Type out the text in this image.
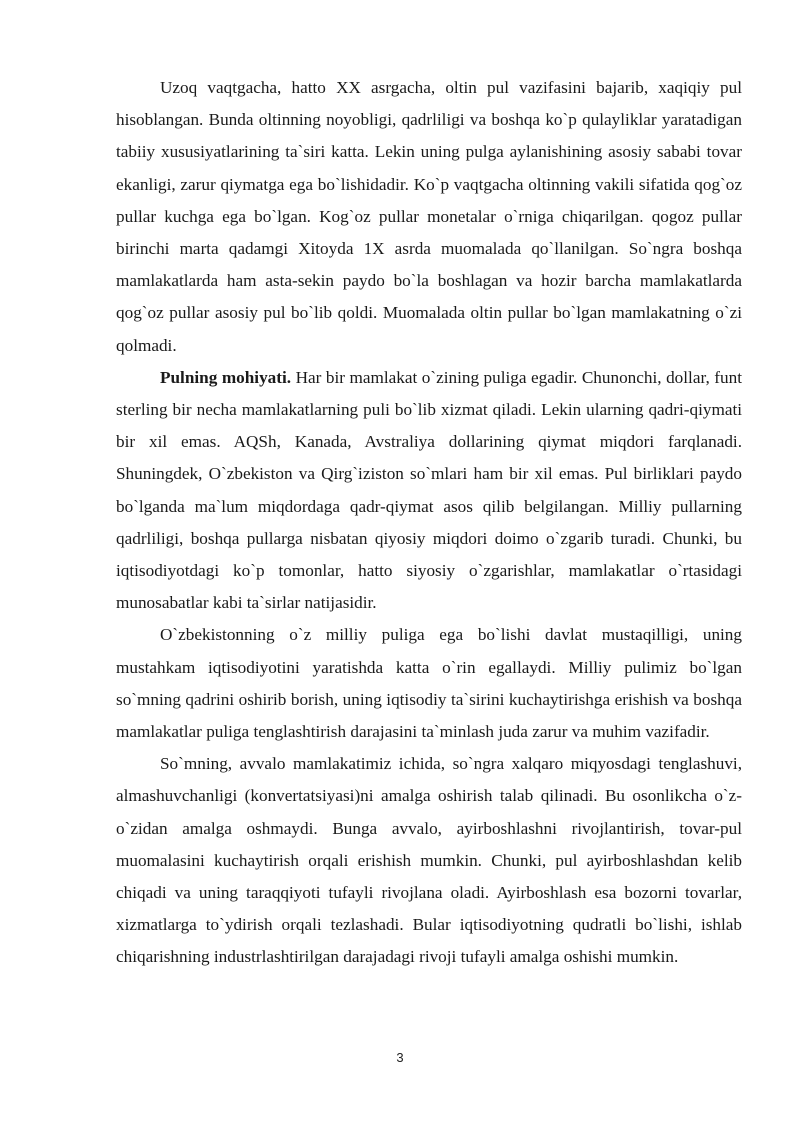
Uzoq vaqtgacha, hatto XX asrgacha, oltin pul vazifasini bajarib, xaqiqiy pul hisoblangan. Bunda oltinning noyobligi, qadrliligi va boshqa ko`p qulayliklar yaratadigan tabiiy xususiyatlarining ta`siri katta. Lekin uning pulga aylanishining asosiy sababi tovar ekanligi, zarur qiymatga ega bo`lishidadir. Ko`p vaqtgacha oltinning vakili sifatida qog`oz pullar kuchga ega bo`lgan. Kog`oz pullar monetalar o`rniga chiqarilgan. qogoz pullar birinchi marta qadamgi Xitoyda 1X asrda muomalada qo`llanilgan. So`ngra boshqa mamlakatlarda ham asta-sekin paydo bo`la boshlagan va hozir barcha mamlakatlarda qog`oz pullar asosiy pul bo`lib qoldi. Muomalada oltin pullar bo`lgan mamlakatning o`zi qolmadi.

Pulning mohiyati. Har bir mamlakat o`zining puliga egadir. Chunonchi, dollar, funt sterling bir necha mamlakatlarning puli bo`lib xizmat qiladi. Lekin ularning qadri-qiymati bir xil emas. AQSh, Kanada, Avstraliya dollarining qiymat miqdori farqlanadi. Shuningdek, O`zbekiston va Qirg`iziston so`mlari ham bir xil emas. Pul birliklari paydo bo`lganda ma`lum miqdordaga qadr-qiymat asos qilib belgilangan. Milliy pullarning qadrliligi, boshqa pullarga nisbatan qiyosiy miqdori doimo o`zgarib turadi. Chunki, bu iqtisodiyotdagi ko`p tomonlar, hatto siyosiy o`zgarishlar, mamlakatlar o`rtasidagi munosabatlar kabi ta`sirlar natijasidir.

O`zbekistonning o`z milliy puliga ega bo`lishi davlat mustaqilligi, uning mustahkam iqtisodiyotini yaratishda katta o`rin egallaydi. Milliy pulimiz bo`lgan so`mning qadrini oshirib borish, uning iqtisodiy ta`sirini kuchaytirishga erishish va boshqa mamlakatlar puliga tenglashtirish darajasini ta`minlash juda zarur va muhim vazifadir.

So`mning, avvalo mamlakatimiz ichida, so`ngra xalqaro miqyosdagi tenglashuvi, almashuvchanligi (konvertatsiyasi)ni amalga oshirish talab qilinadi. Bu osonlikcha o`z-o`zidan amalga oshmaydi. Bunga avvalo, ayirboshlashni rivojlantirish, tovar-pul muomalasini kuchaytirish orqali erishish mumkin. Chunki, pul ayirboshlashdan kelib chiqadi va uning taraqqiyoti tufayli rivojlana oladi. Ayirboshlash esa bozorni tovarlar, xizmatlarga to`ydirish orqali tezlashadi. Bular iqtisodiyotning qudratli bo`lishi, ishlab chiqarishning industrlashtirilgan darajadagi rivoji tufayli amalga oshishi mumkin.

3
